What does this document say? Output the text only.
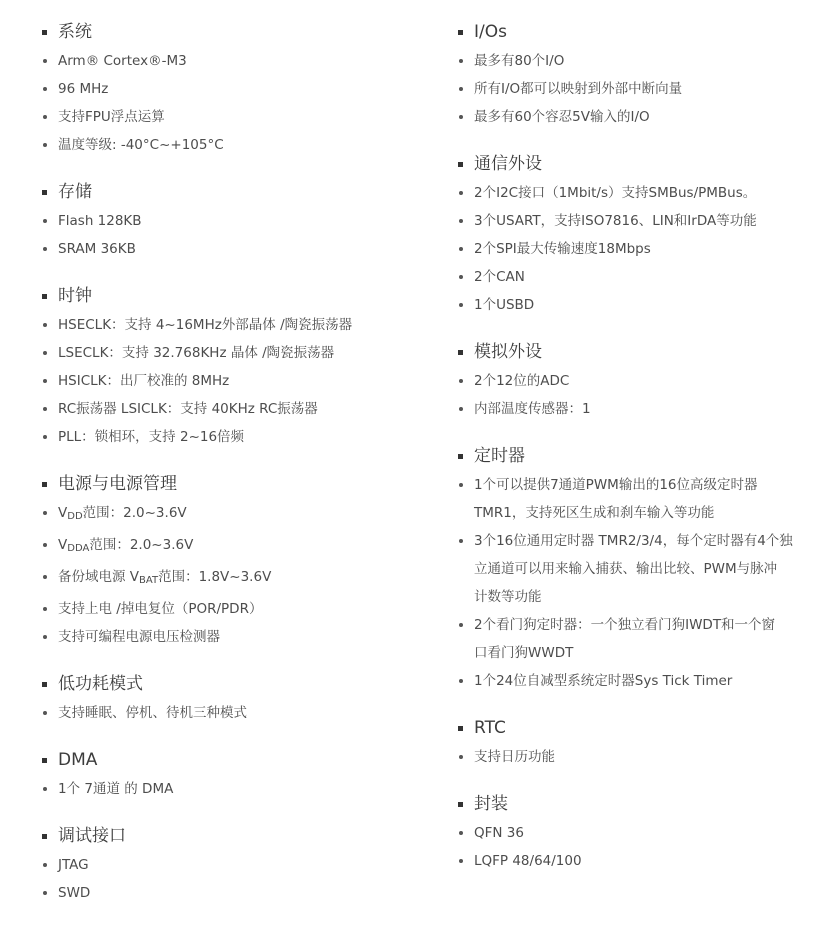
系统
Arm® Cortex®-M3
96 MHz
支持FPU浮点运算
温度等级: -40°C~+105°C
存储
Flash 128KB
SRAM 36KB
时钟
HSECLK：支持 4~16MHz外部晶体 /陶瓷振荡器
LSECLK：支持 32.768KHz 晶体 /陶瓷振荡器
HSICLK：出厂校准的 8MHz
RC振荡器 LSICLK：支持 40KHz RC振荡器
PLL：锁相环，支持 2~16倍频
电源与电源管理
$V_{DD}$范围：2.0~3.6V
$V_{DDA}$范围：2.0~3.6V
备份域电源 $V_{BAT}$范围：1.8V~3.6V
支持上电 /掉电复位（POR/PDR）
支持可编程电源电压检测器
低功耗模式
支持睡眠、停机、待机三种模式
DMA
1个 7通道 的 DMA
调试接口
JTAG
SWD
I/Os
最多有80个I/O
所有I/O都可以映射到外部中断向量
最多有60个容忍5V输入的I/O
通信外设
2个I2C接口（1Mbit/s）支持SMBus/PMBus。
3个USART，支持ISO7816、LIN和IrDA等功能
2个SPI最大传输速度18Mbps
2个CAN
1个USBD
模拟外设
2个12位的ADC
内部温度传感器：1
定时器
1个可以提供7通道PWM输出的16位高级定时器
TMR1，支持死区生成和刹车输入等功能
3个16位通用定时器 TMR2/3/4，每个定时器有4个独
立通道可以用来输入捕获、输出比较、PWM与脉冲
计数等功能
2个看门狗定时器：一个独立看门狗IWDT和一个窗
口看门狗WWDT
1个24位自减型系统定时器Sys Tick Timer
RTC
支持日历功能
封装
QFN 36
LQFP 48/64/100
